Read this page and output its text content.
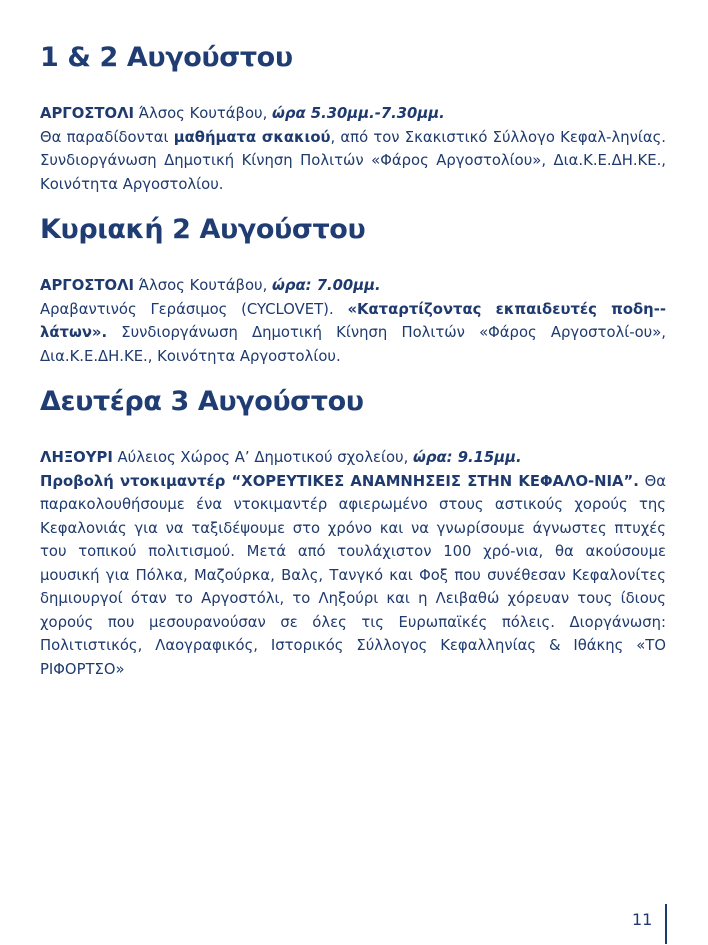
1 & 2 Αυγούστου

ΑΡΓΟΣΤΟΛΙ Άλσος Κουτάβου, ώρα 5.30μμ.-7.30μμ.

Θα παραδίδονται μαθήματα σκακιού, από τον Σκακιστικό Σύλλογο Κεφαλ-ληνίας. Συνδιοργάνωση Δημοτική Κίνηση Πολιτών «Φάρος Αργοστολίου», Δια.Κ.Ε.ΔΗ.ΚΕ., Κοινότητα Αργοστολίου.

Κυριακή 2 Αυγούστου

ΑΡΓΟΣΤΟΛΙ Άλσος Κουτάβου, ώρα: 7.00μμ.

Αραβαντινός Γεράσιμος (CYCLOVET). «Καταρτίζοντας εκπαιδευτές ποδη-λάτων». Συνδιοργάνωση Δημοτική Κίνηση Πολιτών «Φάρος Αργοστολί-ου», Δια.Κ.Ε.ΔΗ.ΚΕ., Κοινότητα Αργοστολίου.

Δευτέρα 3 Αυγούστου

ΛΗΞΟΥΡΙ Αύλειος Χώρος Α’ Δημοτικού σχολείου, ώρα: 9.15μμ.

Προβολή ντοκιμαντέρ “ΧΟΡΕΥΤΙΚΕΣ ΑΝΑΜΝΗΣΕΙΣ ΣΤΗΝ ΚΕΦΑΛΟ-ΝΙΑ”. Θα παρακολουθήσουμε ένα ντοκιμαντέρ αφιερωμένο στους αστικούς χορούς της Κεφαλονιάς για να ταξιδέψουμε στο χρόνο και να γνωρίσουμε άγνωστες πτυχές του τοπικού πολιτισμού. Μετά από τουλάχιστον 100 χρό-νια, θα ακούσουμε μουσική για Πόλκα, Μαζούρκα, Βαλς, Τανγκό και Φοξ που συνέθεσαν Κεφαλονίτες δημιουργοί όταν το Αργοστόλι, το Ληξούρι και η Λειβαθώ χόρευαν τους ίδιους χορούς που μεσουρανούσαν σε όλες τις Ευρωπαϊκές πόλεις. Διοργάνωση: Πολιτιστικός, Λαογραφικός, Ιστορικός Σύλλογος Κεφαλληνίας & Ιθάκης «ΤΟ ΡΙΦΟΡΤΣΟ»

11
